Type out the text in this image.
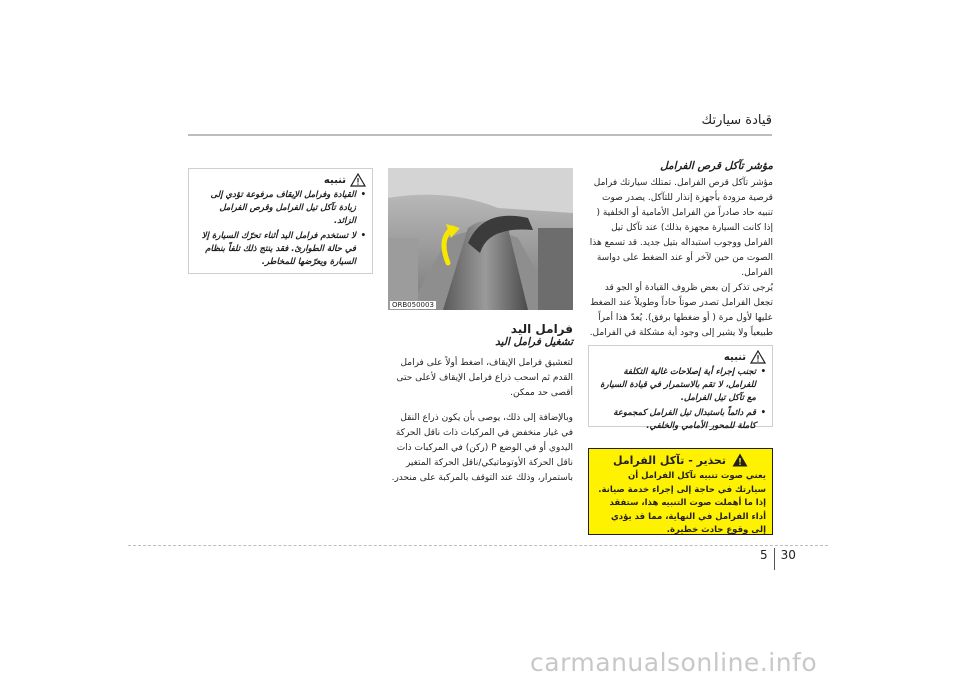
قيادة سيارتك

مؤشر تآكل قرص الفرامل

مؤشر تآكل قرص الفرامل. تمتلك سيارتك فرامل قرصية مزودة بأجهزة إنذار للتآكل. يصدر صوت تنبيه حاد صادراً من الفرامل الأمامية أو الخلفية ( إذا كانت السيارة مجهزة بذلك) عند تآكل تيل الفرامل ووجوب استبداله بتيل جديد. قد تسمع هذا الصوت من حين لآخر أو عند الضغط على دواسة الفرامل.

يُرجى تذكر إن بعض ظروف القيادة أو الجو قد تجعل الفرامل تصدر صوتاً حاداً وطويلاً عند الضغط عليها لأول مرة ( أو ضغطها برفق). يُعدّ هذا أمراً طبيعياً ولا يشير إلى وجود أية مشكلة في الفرامل.

تنبيه
• تجنب إجراء أية إصلاحات غالية التكلفة للفرامل، لا تقم بالاستمرار في قيادة السيارة مع تآكل تيل الفرامل.
• قم دائماً باستبدال تيل الفرامل كمجموعة كاملة للمحور الأمامي والخلفي.
تحذير - تآكل الفرامل
يعني صوت تنبيه تآكل الفرامل أن سيارتك في حاجة إلى إجراء خدمة صيانة. إذا ما أهملت صوت التنبيه هذا، ستفقد أداء الفرامل في النهاية، مما قد يؤدي إلى وقوع حادث خطيرة.
ORB050003

فرامل اليد

تشغيل فرامل اليد

لتعشيق فرامل الإيقاف، اضغط أولاً على فرامل القدم ثم اسحب ذراع فرامل الإيقاف لأعلى حتى أقصى حد ممكن.

وبالإضافة إلى ذلك، يوصى بأن يكون ذراع النقل في غيار منخفض في المركبات ذات ناقل الحركة اليدوي أو في الوضع P (ركن) في المركبات ذات ناقل الحركة الأوتوماتيكي/ناقل الحركة المتغير باستمرار، وذلك عند التوقف بالمركبة على منحدر.

تنبيه
• القيادة وفرامل الإيقاف مرفوعة تؤدي إلى زيادة تآكل تيل الفرامل وقرص الفرامل الزائد.
• لا تستخدم فرامل اليد أثناء تحرّك السيارة إلا في حالة الطوارئ. فقد ينتج ذلك تلفاً بنظام السيارة ويعرّضها للمخاطر.
5 30
carmanualsonline.info
